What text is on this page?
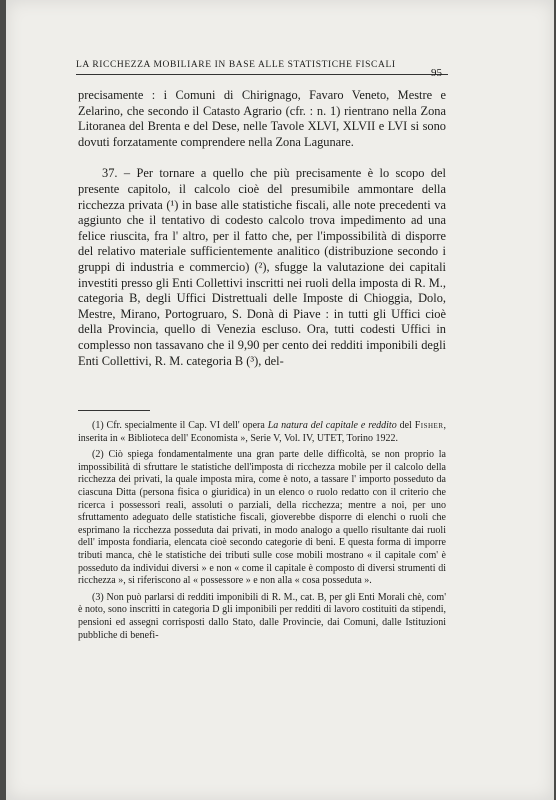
LA RICCHEZZA MOBILIARE IN BASE ALLE STATISTICHE FISCALI
95

precisamente : i Comuni di Chirignago, Favaro Veneto, Mestre e Zelarino, che secondo il Catasto Agrario (cfr. : n. 1) rientrano nella Zona Litoranea del Brenta e del Dese, nelle Tavole XLVI, XLVII e LVI si sono dovuti forzatamente comprendere nella Zona Lagunare.

37. – Per tornare a quello che più precisamente è lo scopo del presente capitolo, il calcolo cioè del presumibile ammontare della ricchezza privata (¹) in base alle statistiche fiscali, alle note precedenti va aggiunto che il tentativo di codesto calcolo trova impedimento ad una felice riuscita, fra l' altro, per il fatto che, per l'impossibilità di disporre del relativo materiale sufficientemente analitico (distribuzione secondo i gruppi di industria e commercio) (²), sfugge la valutazione dei capitali investiti presso gli Enti Collettivi inscritti nei ruoli della imposta di R. M., categoria B, degli Uffici Distrettuali delle Imposte di Chioggia, Dolo, Mestre, Mirano, Portogruaro, S. Donà di Piave : in tutti gli Uffici cioè della Provincia, quello di Venezia escluso. Ora, tutti codesti Uffici in complesso non tassavano che il 9,90 per cento dei redditi imponibili degli Enti Collettivi, R. M. categoria B (³), del-

(1) Cfr. specialmente il Cap. VI dell' opera La natura del capitale e reddito del Fisher, inserita in « Biblioteca dell' Economista », Serie V, Vol. IV, UTET, Torino 1922.

(2) Ciò spiega fondamentalmente una gran parte delle difficoltà, se non proprio la impossibilità di sfruttare le statistiche dell'imposta di ricchezza mobile per il calcolo della ricchezza dei privati, la quale imposta mira, come è noto, a tassare l' importo posseduto da ciascuna Ditta (persona fisica o giuridica) in un elenco o ruolo redatto con il criterio che ricerca i possessori reali, assoluti o parziali, della ricchezza; mentre a noi, per uno sfruttamento adeguato delle statistiche fiscali, gioverebbe disporre di elenchi o ruoli che esprimano la ricchezza posseduta dai privati, in modo analogo a quello risultante dai ruoli dell' imposta fondiaria, elencata cioè secondo categorie di beni. E questa forma di imporre tributi manca, chè le statistiche dei tributi sulle cose mobili mostrano « il capitale com' è posseduto da individui diversi » e non « come il capitale è composto di diversi strumenti di ricchezza », si riferiscono al « possessore » e non alla « cosa posseduta ».

(3) Non può parlarsi di redditi imponibili di R. M., cat. B, per gli Enti Morali chè, com' è noto, sono inscritti in categoria D gli imponibili per redditi di lavoro costituiti da stipendi, pensioni ed assegni corrisposti dallo Stato, dalle Provincie, dai Comuni, dalle Istituzioni pubbliche di benefi-
